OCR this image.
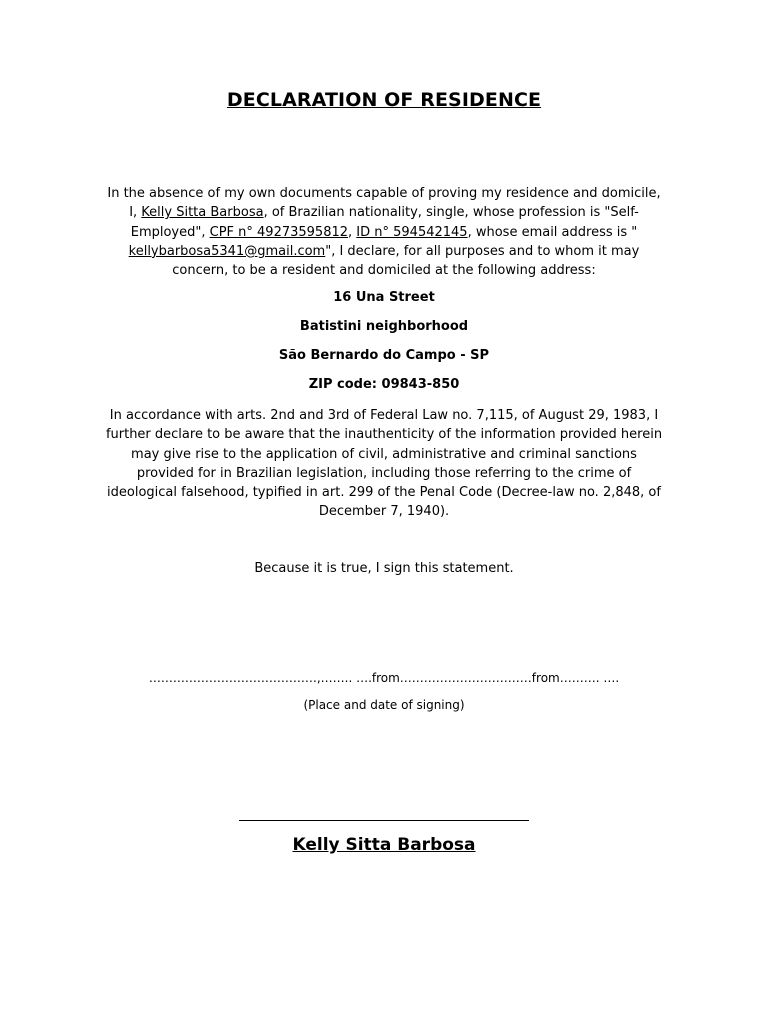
DECLARATION OF RESIDENCE
In the absence of my own documents capable of proving my residence and domicile, I, Kelly Sitta Barbosa, of Brazilian nationality, single, whose profession is "Self-Employed", CPF n° 49273595812, ID n° 594542145, whose email address is " kellybarbosa5341@gmail.com", I declare, for all purposes and to whom it may concern, to be a resident and domiciled at the following address:
16 Una Street
Batistini neighborhood
São Bernardo do Campo - SP
ZIP code: 09843-850
In accordance with arts. 2nd and 3rd of Federal Law no. 7,115, of August 29, 1983, I further declare to be aware that the inauthenticity of the information provided herein may give rise to the application of civil, administrative and criminal sanctions provided for in Brazilian legislation, including those referring to the crime of ideological falsehood, typified in art. 299 of the Penal Code (Decree-law no. 2,848, of December 7, 1940).
Because it is true, I sign this statement.
……………………………………,…….. ….from……………………………from………. ….
(Place and date of signing)
Kelly Sitta Barbosa
